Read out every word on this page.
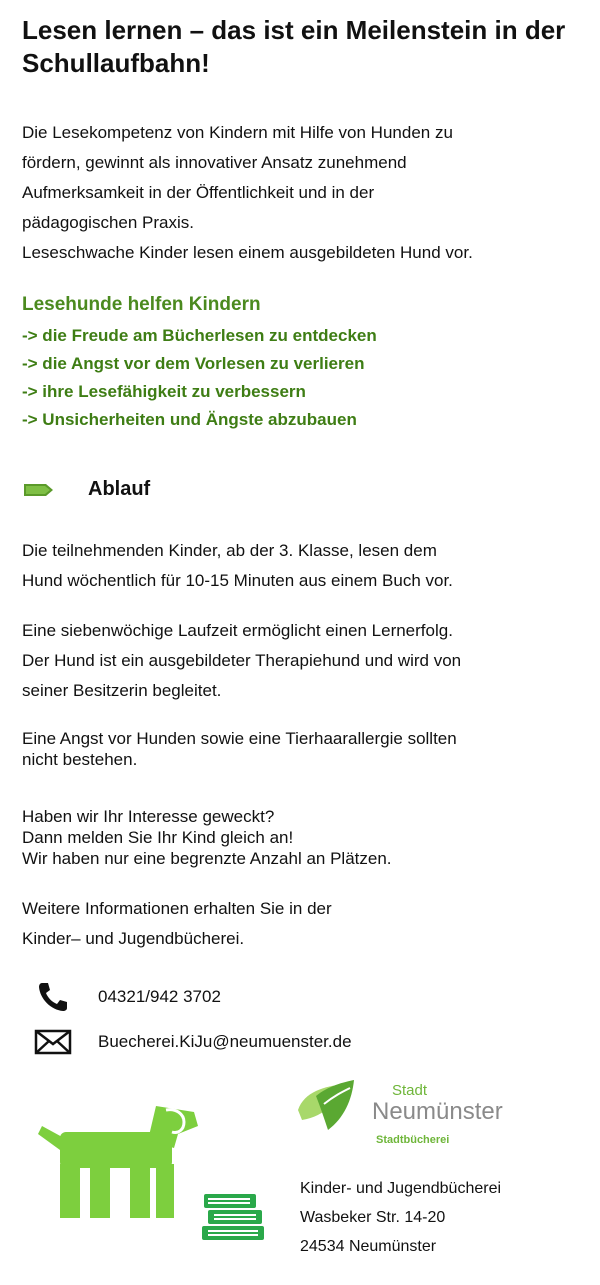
Lesen lernen – das ist ein Meilenstein in der Schullaufbahn!

Die Lesekompetenz von Kindern mit Hilfe von Hunden zu

fördern, gewinnt als innovativer Ansatz zunehmend

Aufmerksamkeit in der Öffentlichkeit und in der

pädagogischen Praxis.

Leseschwache Kinder lesen einem ausgebildeten Hund vor.

Lesehunde helfen Kindern
-> die Freude am Bücherlesen zu entdecken
-> die Angst vor dem Vorlesen zu verlieren
-> ihre Lesefähigkeit zu verbessern
-> Unsicherheiten und Ängste abzubauen
Ablauf

Die teilnehmenden Kinder, ab der 3. Klasse, lesen dem

Hund wöchentlich für 10-15 Minuten aus einem Buch vor.

Eine siebenwöchige Laufzeit ermöglicht einen Lernerfolg.

Der Hund ist ein ausgebildeter Therapiehund und wird von

seiner Besitzerin begleitet.

Eine Angst vor Hunden sowie eine Tierhaarallergie sollten

nicht bestehen.

Haben wir Ihr Interesse geweckt?

Dann melden Sie Ihr Kind gleich an!

Wir haben nur eine begrenzte Anzahl an Plätzen.

Weitere Informationen erhalten Sie in der

Kinder– und Jugendbücherei.

04321/942 3702
Buecherei.KiJu@neumuenster.de
Stadt
Neumünster
Stadtbücherei

Kinder- und Jugendbücherei

Wasbeker Str. 14-20

24534 Neumünster
